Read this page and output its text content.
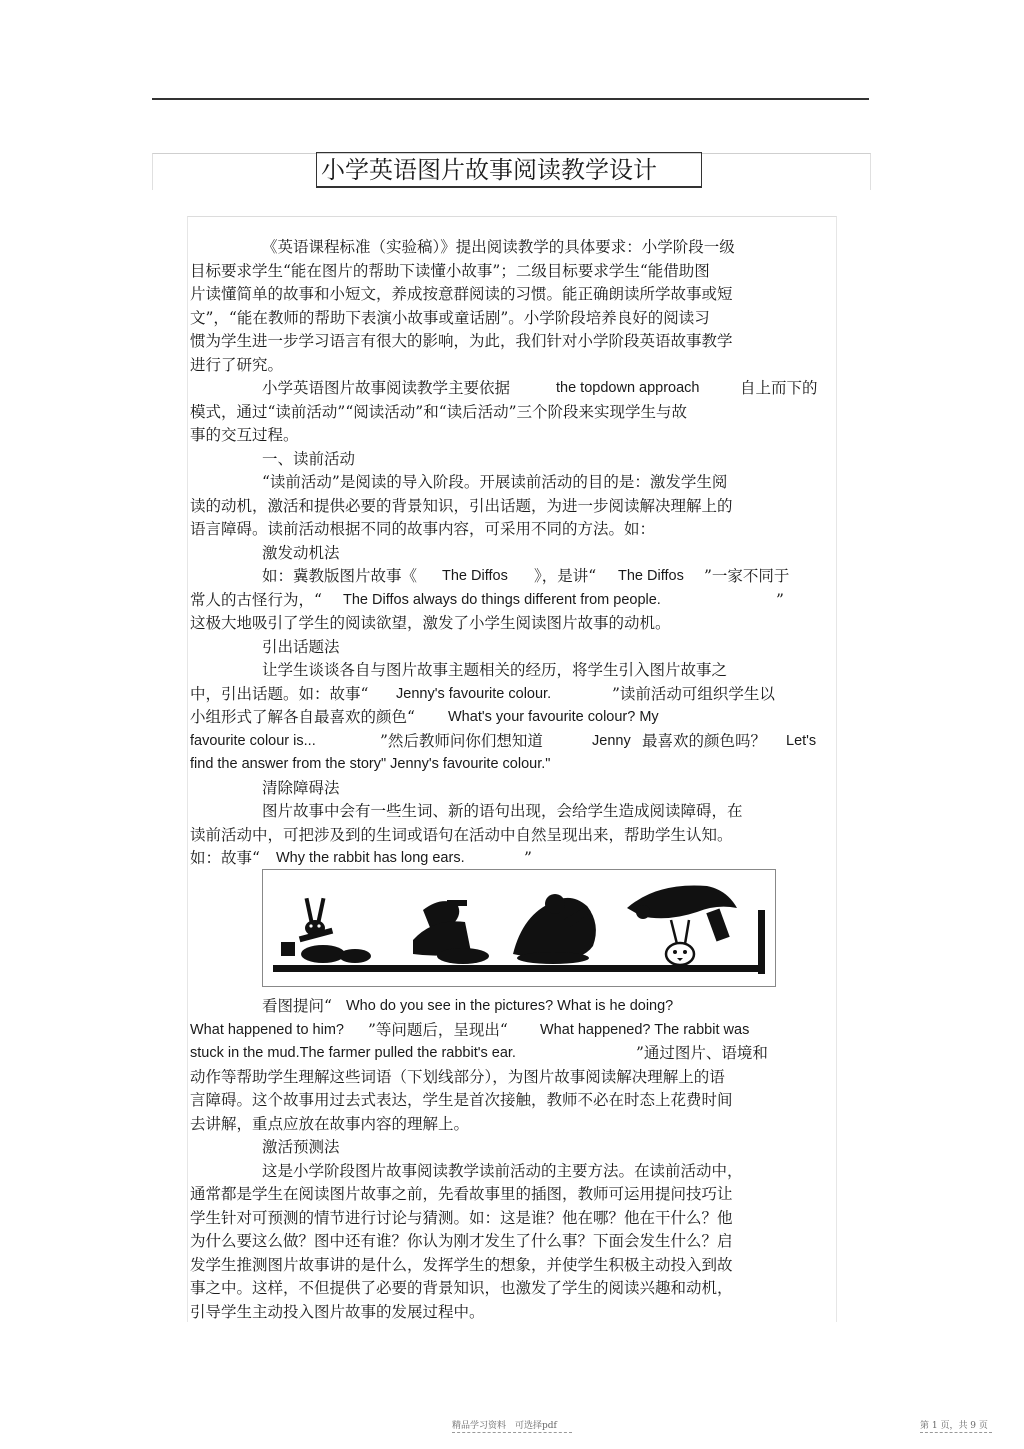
小学英语图片故事阅读教学设计
《英语课程标准（实验稿）》提出阅读教学的具体要求：小学阶段一级
目标要求学生“能在图片的帮助下读懂小故事”；二级目标要求学生“能借助图
片读懂简单的故事和小短文，养成按意群阅读的习惯。能正确朗读所学故事或短
文”，“能在教师的帮助下表演小故事或童话剧”。小学阶段培养良好的阅读习
惯为学生进一步学习语言有很大的影响，为此，我们针对小学阶段英语故事教学
进行了研究。
小学英语图片故事阅读教学主要依据	the topdown approach	自上而下的
模式，通过“读前活动”“阅读活动”和“读后活动”三个阶段来实现学生与故
事的交互过程。
一、读前活动
“读前活动”是阅读的导入阶段。开展读前活动的目的是：激发学生阅
读的动机，激活和提供必要的背景知识，引出话题，为进一步阅读解决理解上的
语言障碍。读前活动根据不同的故事内容，可采用不同的方法。如：
激发动机法
如：冀教版图片故事《 The Diffos 》，是讲“ The Diffos ”一家不同于
常人的古怪行为，“ The Diffos always do things different from people.	”
这极大地吸引了学生的阅读欲望，激发了小学生阅读图片故事的动机。
引出话题法
让学生谈谈各自与图片故事主题相关的经历，将学生引入图片故事之
中，引出话题。如：故事“ Jenny's favourite colour.	”读前活动可组织学生以
小组形式了解各自最喜欢的颜色“ What's your favourite colour? My
favourite colour is...	”然后教师问你们想知道	Jenny 最喜欢的颜色吗？ Let's
find the answer from the story" Jenny's favourite colour."
清除障碍法
图片故事中会有一些生词、新的语句出现，会给学生造成阅读障碍，在
读前活动中，可把涉及到的生词或语句在活动中自然呈现出来，帮助学生认知。
如：故事“ Why the rabbit has long ears.	”
看图提问“ Who do you see in the pictures? What is he doing?
What happened to him? ”等问题后，呈现出“ What happened? The rabbit was
stuck in the mud.The farmer pulled the rabbit's ear.	”通过图片、语境和
动作等帮助学生理解这些词语（下划线部分），为图片故事阅读解决理解上的语
言障碍。这个故事用过去式表达，学生是首次接触，教师不必在时态上花费时间
去讲解，重点应放在故事内容的理解上。
激活预测法
这是小学阶段图片故事阅读教学读前活动的主要方法。在读前活动中，
通常都是学生在阅读图片故事之前，先看故事里的插图，教师可运用提问技巧让
学生针对可预测的情节进行讨论与猜测。如：这是谁？他在哪？他在干什么？他
为什么要这么做？图中还有谁？你认为刚才发生了什么事？下面会发生什么？启
发学生推测图片故事讲的是什么，发挥学生的想象，并使学生积极主动投入到故
事之中。这样，不但提供了必要的背景知识，也激发了学生的阅读兴趣和动机，
引导学生主动投入图片故事的发展过程中。
精品学习资料　可选择pdf	第 1 页，共 9 页
